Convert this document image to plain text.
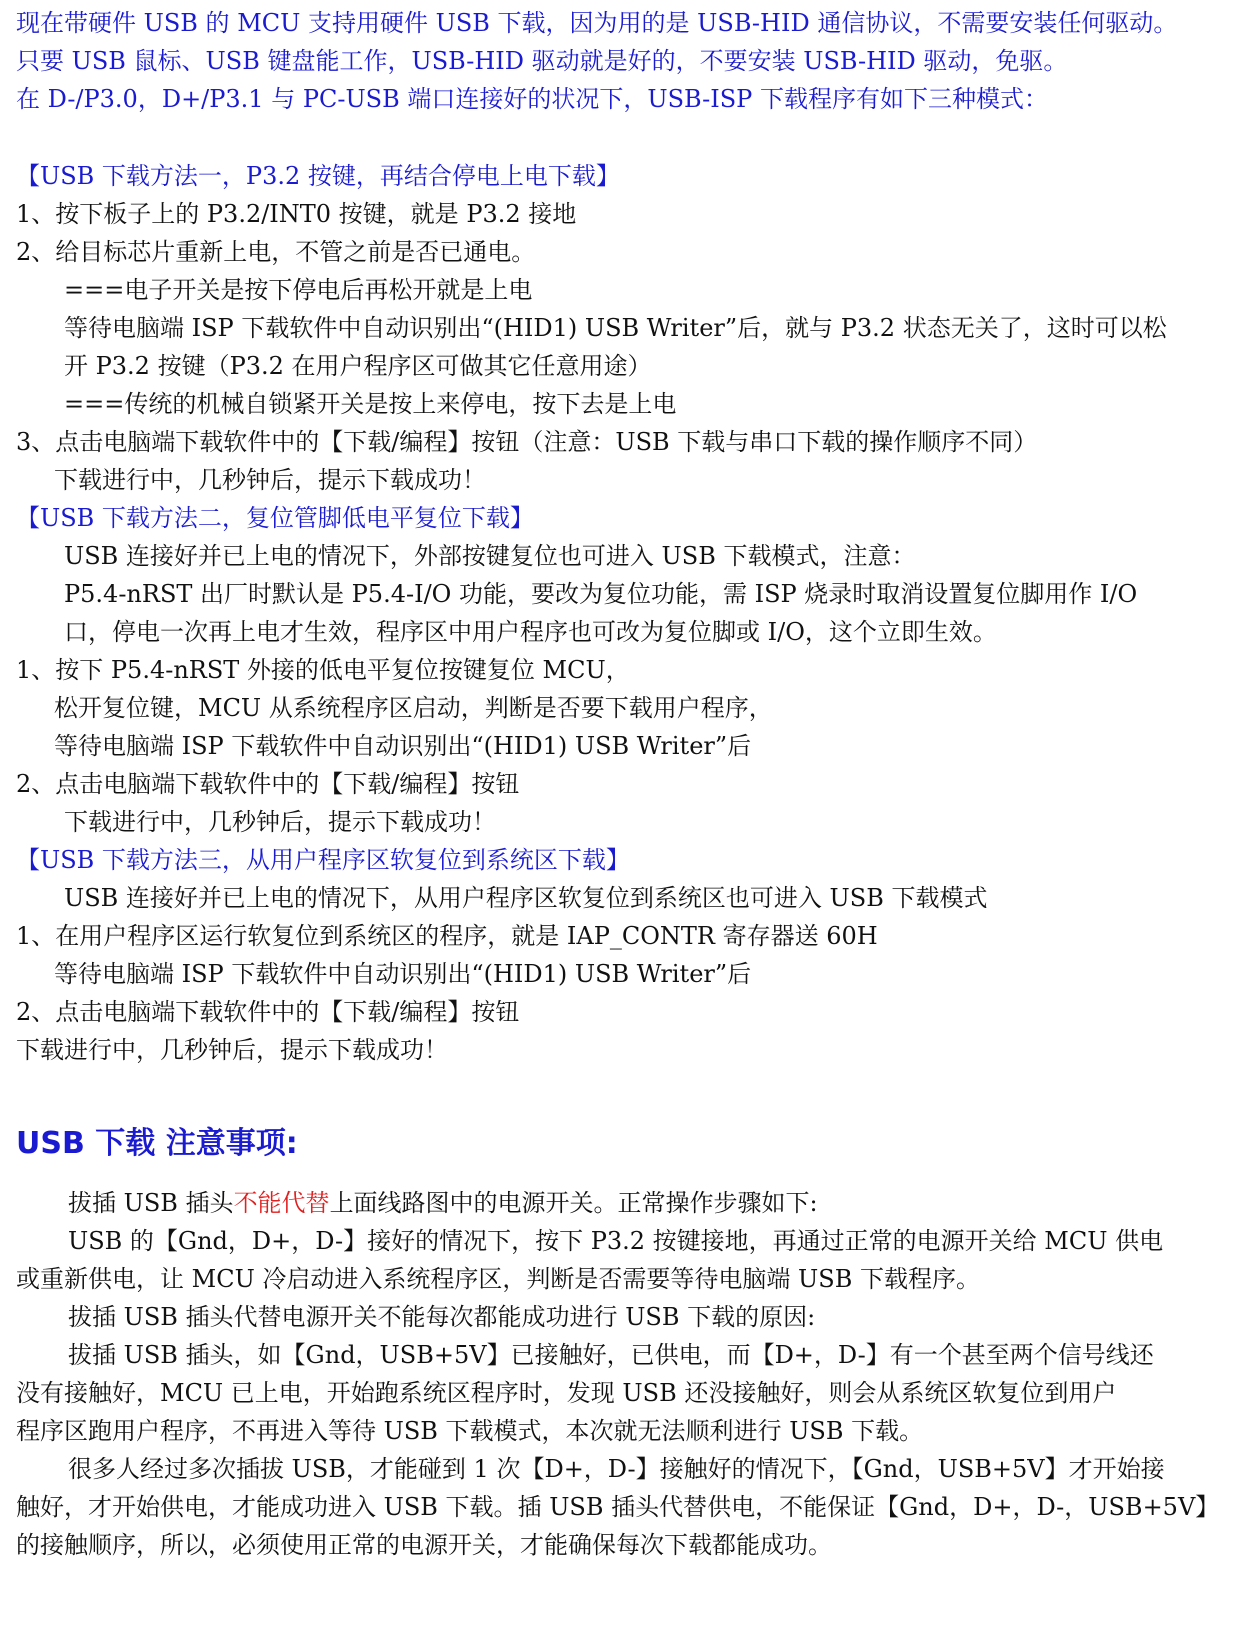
现在带硬件 USB 的 MCU 支持用硬件 USB 下载，因为用的是 USB-HID 通信协议，不需要安装任何驱动。
只要 USB 鼠标、USB 键盘能工作，USB-HID 驱动就是好的，不要安装 USB-HID 驱动，免驱。
在 D-/P3.0，D+/P3.1 与 PC-USB 端口连接好的状况下，USB-ISP 下载程序有如下三种模式：
【USB 下载方法一，P3.2 按键，再结合停电上电下载】
1、按下板子上的 P3.2/INT0 按键，就是 P3.2 接地
2、给目标芯片重新上电，不管之前是否已通电。
===电子开关是按下停电后再松开就是上电
等待电脑端 ISP 下载软件中自动识别出“(HID1) USB Writer”后，就与 P3.2 状态无关了，这时可以松
开 P3.2 按键（P3.2 在用户程序区可做其它任意用途）
===传统的机械自锁紧开关是按上来停电，按下去是上电
3、点击电脑端下载软件中的【下载/编程】按钮（注意：USB 下载与串口下载的操作顺序不同）
下载进行中，几秒钟后，提示下载成功！
【USB 下载方法二，复位管脚低电平复位下载】
USB 连接好并已上电的情况下，外部按键复位也可进入 USB 下载模式，注意：
P5.4-nRST 出厂时默认是 P5.4-I/O 功能，要改为复位功能，需 ISP 烧录时取消设置复位脚用作 I/O
口，停电一次再上电才生效，程序区中用户程序也可改为复位脚或 I/O，这个立即生效。
1、按下 P5.4-nRST 外接的低电平复位按键复位 MCU，
松开复位键，MCU 从系统程序区启动，判断是否要下载用户程序，
等待电脑端 ISP 下载软件中自动识别出“(HID1) USB Writer”后
2、点击电脑端下载软件中的【下载/编程】按钮
下载进行中，几秒钟后，提示下载成功！
【USB 下载方法三，从用户程序区软复位到系统区下载】
USB 连接好并已上电的情况下，从用户程序区软复位到系统区也可进入 USB 下载模式
1、在用户程序区运行软复位到系统区的程序，就是 IAP_CONTR 寄存器送 60H
等待电脑端 ISP 下载软件中自动识别出“(HID1) USB Writer”后
2、点击电脑端下载软件中的【下载/编程】按钮
下载进行中，几秒钟后，提示下载成功！
USB 下载 注意事项:
拔插 USB 插头不能代替上面线路图中的电源开关。正常操作步骤如下:
USB 的【Gnd，D+，D-】接好的情况下，按下 P3.2 按键接地，再通过正常的电源开关给 MCU 供电
或重新供电，让 MCU 冷启动进入系统程序区，判断是否需要等待电脑端 USB 下载程序。
拔插 USB 插头代替电源开关不能每次都能成功进行 USB 下载的原因:
拔插 USB 插头，如【Gnd，USB+5V】已接触好，已供电，而【D+，D-】有一个甚至两个信号线还
没有接触好，MCU 已上电，开始跑系统区程序时，发现 USB 还没接触好，则会从系统区软复位到用户
程序区跑用户程序，不再进入等待 USB 下载模式，本次就无法顺利进行 USB 下载。
很多人经过多次插拔 USB，才能碰到 1 次【D+，D-】接触好的情况下，【Gnd，USB+5V】才开始接
触好，才开始供电，才能成功进入 USB 下载。插 USB 插头代替供电，不能保证【Gnd，D+，D-，USB+5V】
的接触顺序，所以，必须使用正常的电源开关，才能确保每次下载都能成功。
